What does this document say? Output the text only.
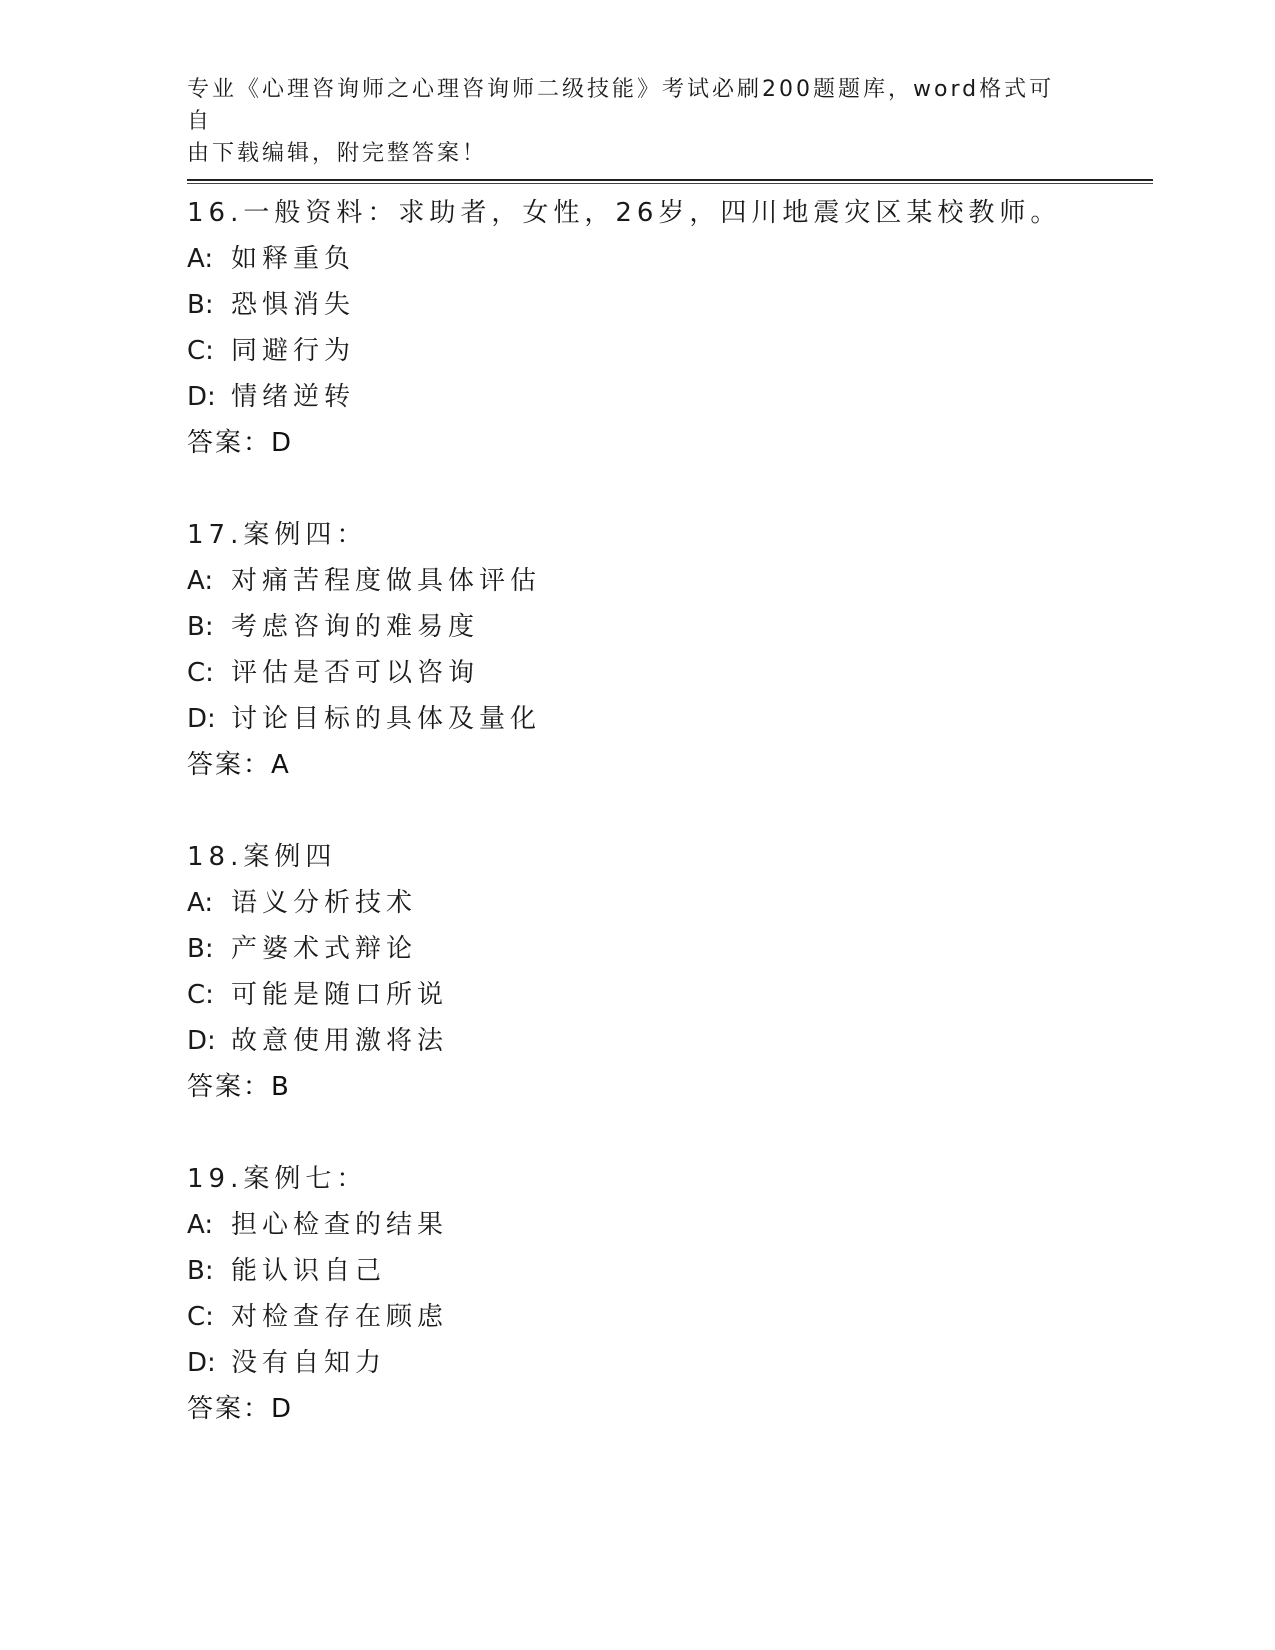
专业《心理咨询师之心理咨询师二级技能》考试必刷200题题库，word格式可自
由下载编辑，附完整答案！
16.一般资料：求助者，女性，26岁，四川地震灾区某校教师。
A: 如释重负
B: 恐惧消失
C: 同避行为
D: 情绪逆转
答案：D
17.案例四：
A: 对痛苦程度做具体评估
B: 考虑咨询的难易度
C: 评估是否可以咨询
D: 讨论目标的具体及量化
答案：A
18.案例四
A: 语义分析技术
B: 产婆术式辩论
C: 可能是随口所说
D: 故意使用激将法
答案：B
19.案例七：
A: 担心检查的结果
B: 能认识自己
C: 对检查存在顾虑
D: 没有自知力
答案：D
